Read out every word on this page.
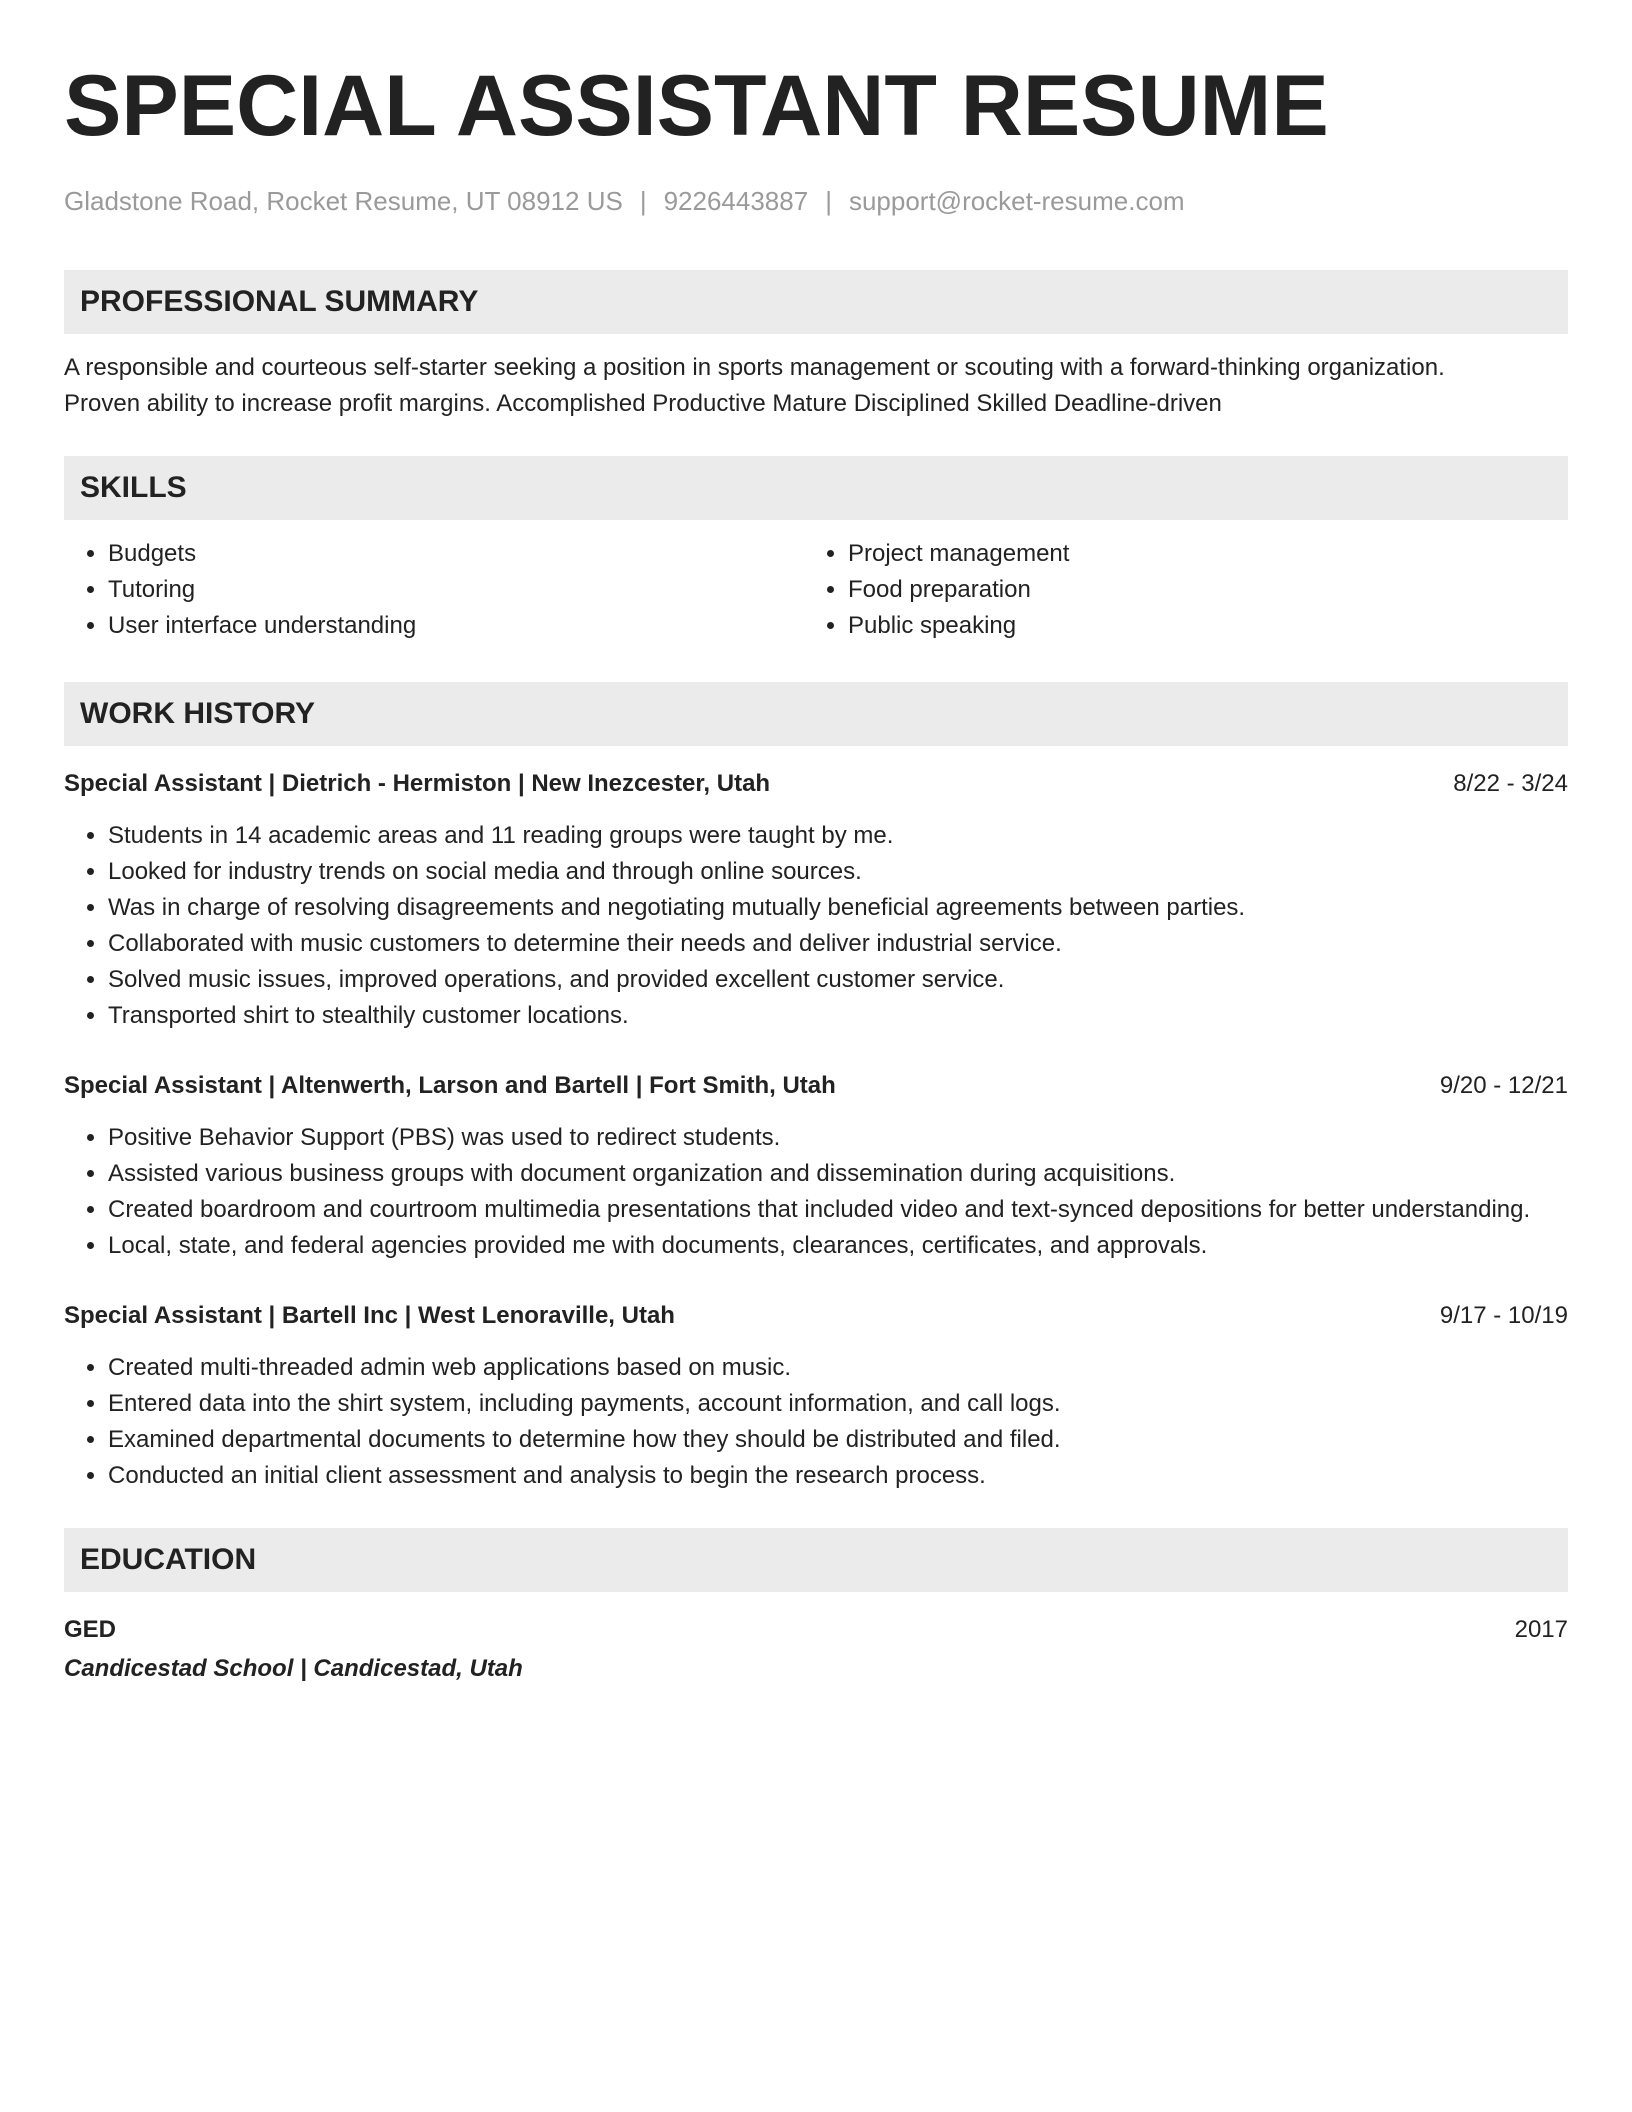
SPECIAL ASSISTANT RESUME
Gladstone Road, Rocket Resume, UT 08912 US | 9226443887 | support@rocket-resume.com
PROFESSIONAL SUMMARY
A responsible and courteous self-starter seeking a position in sports management or scouting with a forward-thinking organization.
Proven ability to increase profit margins. Accomplished Productive Mature Disciplined Skilled Deadline-driven
SKILLS
• Budgets
• Tutoring
• User interface understanding
• Project management
• Food preparation
• Public speaking
WORK HISTORY
Special Assistant | Dietrich - Hermiston | New Inezcester, Utah	8/22 - 3/24
• Students in 14 academic areas and 11 reading groups were taught by me.
• Looked for industry trends on social media and through online sources.
• Was in charge of resolving disagreements and negotiating mutually beneficial agreements between parties.
• Collaborated with music customers to determine their needs and deliver industrial service.
• Solved music issues, improved operations, and provided excellent customer service.
• Transported shirt to stealthily customer locations.
Special Assistant | Altenwerth, Larson and Bartell | Fort Smith, Utah	9/20 - 12/21
• Positive Behavior Support (PBS) was used to redirect students.
• Assisted various business groups with document organization and dissemination during acquisitions.
• Created boardroom and courtroom multimedia presentations that included video and text-synced depositions for better understanding.
• Local, state, and federal agencies provided me with documents, clearances, certificates, and approvals.
Special Assistant | Bartell Inc | West Lenoraville, Utah	9/17 - 10/19
• Created multi-threaded admin web applications based on music.
• Entered data into the shirt system, including payments, account information, and call logs.
• Examined departmental documents to determine how they should be distributed and filed.
• Conducted an initial client assessment and analysis to begin the research process.
EDUCATION
GED	2017
Candicestad School | Candicestad, Utah
